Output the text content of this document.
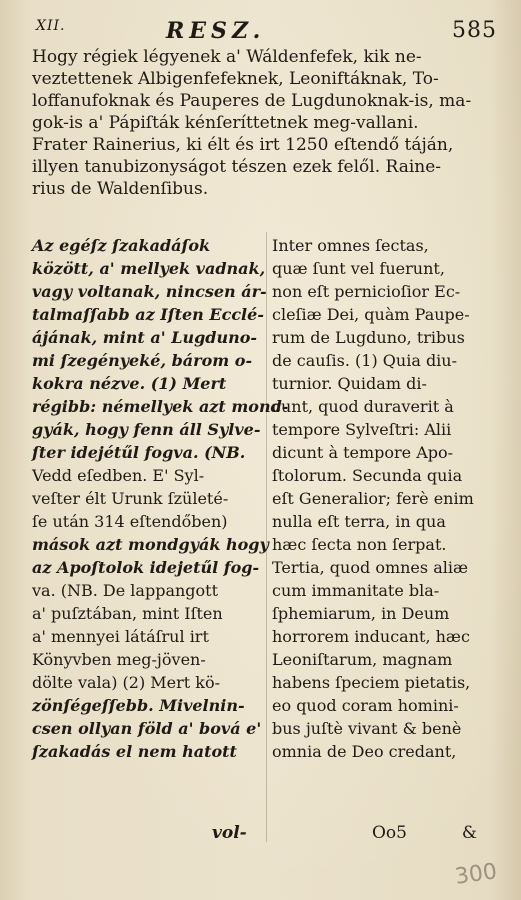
XII.	RESZ.	585
Hogy régiek légyenek a' Wáldenfefek, kik ne-
veztettenek Albigenfefeknek, Leoniftáknak, To-
loffanufoknak és Pauperes de Lugdunoknak-is, ma-
gok-is a' Pápiſták kénſeríttetnek meg-vallani.
Frater Rainerius, ki élt és irt 1250 eſtendő táján,
illyen tanubizonyságot tészen ezek felől. Raine-
rius de Waldenſibus.
Az egéſz ſzakadáſok
között, a' mellyek vadnak,
vagy voltanak, nincsen ár-
talmaſſabb az Iſten Ecclé-
ájának, mint a' Lugduno-
mi ſzegényeké, bárom o-
kokra nézve. (1) Mert
régibb: némellyek azt mond-
gyák, hogy fenn áll Sylve-
ſter idejétűl fogva. (NB.
Vedd eſedben. E' Syl-
veſter élt Urunk ſzületé-
ſe után 314 eſtendőben)
mások azt mondgyák hogy
az Apoſtolok idejetűl fog-
va. (NB. De lappangott
a' puſztában, mint Iſten
a' mennyei látáſrul irt
Könyvben meg-jöven-
dölte vala) (2) Mert kö-
zönſégeſſebb. Mivelnin-
csen ollyan föld a' bová e'
ſzakadás el nem hatott
Inter omnes ſectas,
quæ ſunt vel fuerunt,
non eſt pernicioſior Ec-
cleſiæ Dei, quàm Paupe-
rum de Lugduno, tribus
de cauſis. (1) Quia diu-
turnior. Quidam di-
cunt, quod duraverit à
tempore Sylveſtri: Alii
dicunt à tempore Apo-
ſtolorum. Secunda quia
eſt Generalior; ferè enim
nulla eſt terra, in qua
hæc ſecta non ſerpat.
Tertia, quod omnes aliæ
cum immanitate bla-
ſphemiarum, in Deum
horrorem inducant, hæc
Leoniſtarum, magnam
habens ſpeciem pietatis,
eo quod coram homini-
bus juſtè vivant & benè
omnia de Deo credant,
vol-	Oo5	&
300
